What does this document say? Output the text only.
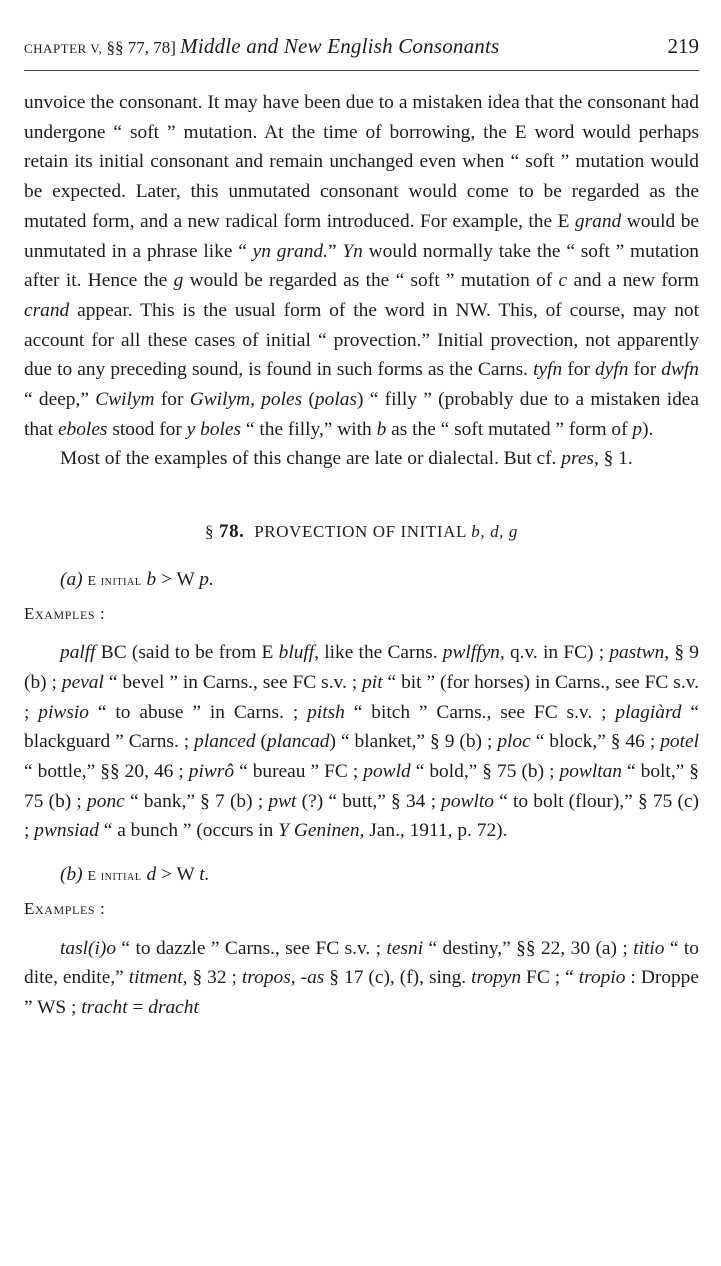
CHAPTER V, §§ 77, 78] Middle and New English Consonants	219

unvoice the consonant. It may have been due to a mistaken idea that the consonant had undergone “ soft ” mutation. At the time of borrowing, the E word would perhaps retain its initial consonant and remain unchanged even when “ soft ” mutation would be expected. Later, this unmutated consonant would come to be regarded as the mutated form, and a new radical form introduced. For example, the E grand would be unmutated in a phrase like “ yn grand.” Yn would normally take the “ soft ” mutation after it. Hence the g would be regarded as the “ soft ” mutation of c and a new form crand appear. This is the usual form of the word in NW. This, of course, may not account for all these cases of initial “ provection.” Initial provection, not apparently due to any preceding sound, is found in such forms as the Carns. tyfn for dyfn for dwfn “ deep,” Cwilym for Gwilym, poles (polas) “ filly ” (probably due to a mistaken idea that eboles stood for y boles “ the filly,” with b as the “ soft mutated ” form of p).

Most of the examples of this change are late or dialectal. But cf. pres, § 1.

§ 78. PROVECTION OF INITIAL b, d, g

(a) E initial b > W p.

Examples :

palff BC (said to be from E bluff, like the Carns. pwlffyn, q.v. in FC) ; pastwn, § 9 (b) ; peval “ bevel ” in Carns., see FC s.v. ; pit “ bit ” (for horses) in Carns., see FC s.v. ; piwsio “ to abuse ” in Carns. ; pitsh “ bitch ” Carns., see FC s.v. ; plagiàrd “ blackguard ” Carns. ; planced (plancad) “ blanket,” § 9 (b) ; ploc “ block,” § 46 ; potel “ bottle,” §§ 20, 46 ; piwrô “ bureau ” FC ; powld “ bold,” § 75 (b) ; powltan “ bolt,” § 75 (b) ; ponc “ bank,” § 7 (b) ; pwt (?) “ butt,” § 34 ; powlto “ to bolt (flour),” § 75 (c) ; pwnsiad “ a bunch ” (occurs in Y Geninen, Jan., 1911, p. 72).

(b) E initial d > W t.

Examples :

tasl(i)o “ to dazzle ” Carns., see FC s.v. ; tesni “ destiny,” §§ 22, 30 (a) ; titio “ to dite, endite,” titment, § 32 ; tropos, -as § 17 (c), (f), sing. tropyn FC ; “ tropio : Droppe ” WS ; tracht = dracht
